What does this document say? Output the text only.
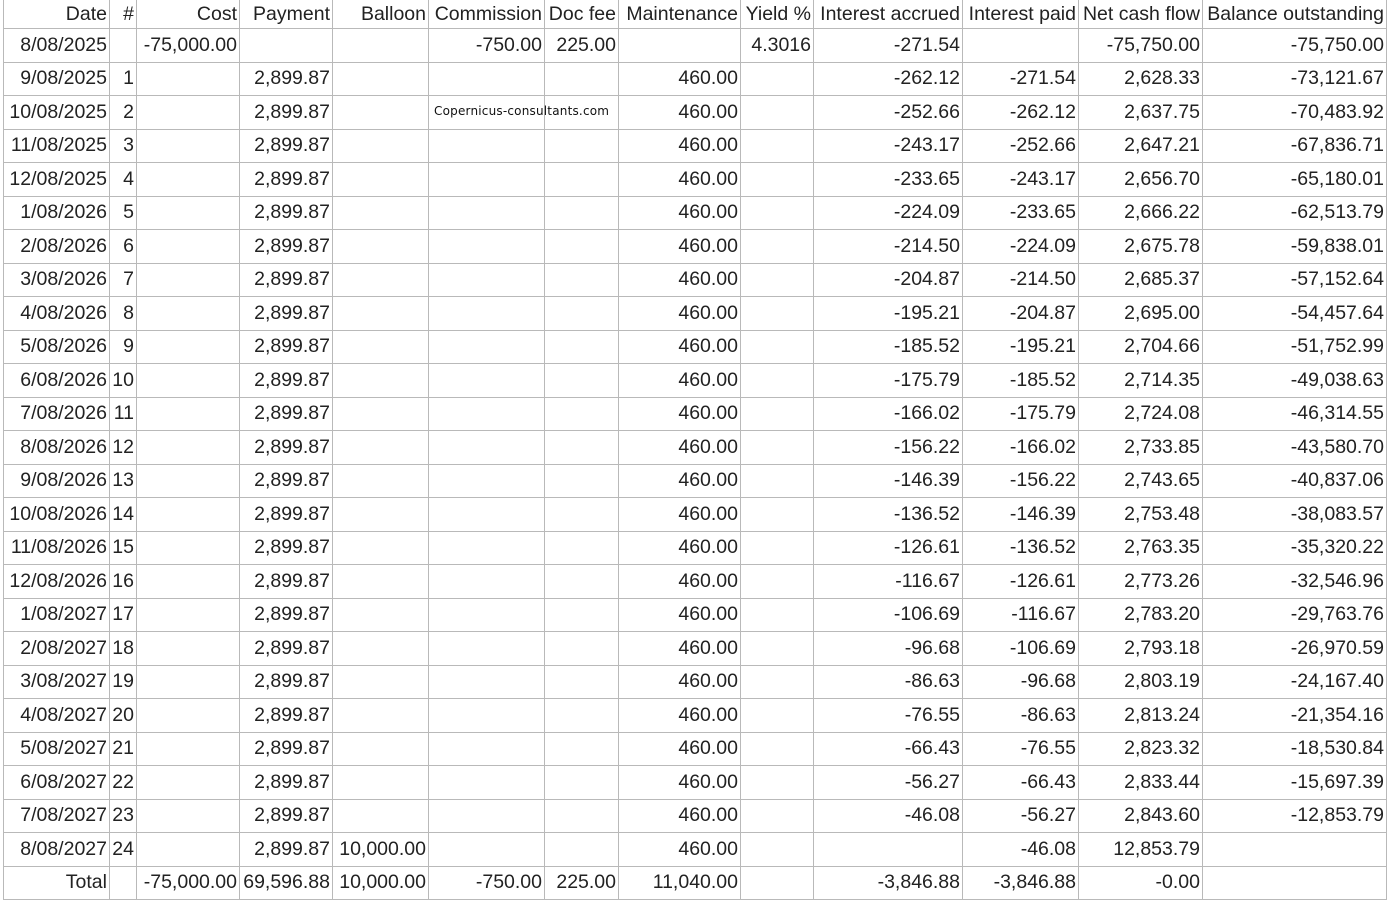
Date	#	Cost	Payment	Balloon	Commission	Doc fee	Maintenance	Yield %	Interest accrued	Interest paid	Net cash flow	Balance outstanding
8/08/2025		-75,000.00			-750.00	225.00		4.3016	-271.54		-75,750.00	-75,750.00
9/08/2025	1		2,899.87				460.00		-262.12	-271.54	2,628.33	-73,121.67
10/08/2025	2		2,899.87				460.00		-252.66	-262.12	2,637.75	-70,483.92
11/08/2025	3		2,899.87				460.00		-243.17	-252.66	2,647.21	-67,836.71
12/08/2025	4		2,899.87				460.00		-233.65	-243.17	2,656.70	-65,180.01
1/08/2026	5		2,899.87				460.00		-224.09	-233.65	2,666.22	-62,513.79
2/08/2026	6		2,899.87				460.00		-214.50	-224.09	2,675.78	-59,838.01
3/08/2026	7		2,899.87				460.00		-204.87	-214.50	2,685.37	-57,152.64
4/08/2026	8		2,899.87				460.00		-195.21	-204.87	2,695.00	-54,457.64
5/08/2026	9		2,899.87				460.00		-185.52	-195.21	2,704.66	-51,752.99
6/08/2026	10		2,899.87				460.00		-175.79	-185.52	2,714.35	-49,038.63
7/08/2026	11		2,899.87				460.00		-166.02	-175.79	2,724.08	-46,314.55
8/08/2026	12		2,899.87				460.00		-156.22	-166.02	2,733.85	-43,580.70
9/08/2026	13		2,899.87				460.00		-146.39	-156.22	2,743.65	-40,837.06
10/08/2026	14		2,899.87				460.00		-136.52	-146.39	2,753.48	-38,083.57
11/08/2026	15		2,899.87				460.00		-126.61	-136.52	2,763.35	-35,320.22
12/08/2026	16		2,899.87				460.00		-116.67	-126.61	2,773.26	-32,546.96
1/08/2027	17		2,899.87				460.00		-106.69	-116.67	2,783.20	-29,763.76
2/08/2027	18		2,899.87				460.00		-96.68	-106.69	2,793.18	-26,970.59
3/08/2027	19		2,899.87				460.00		-86.63	-96.68	2,803.19	-24,167.40
4/08/2027	20		2,899.87				460.00		-76.55	-86.63	2,813.24	-21,354.16
5/08/2027	21		2,899.87				460.00		-66.43	-76.55	2,823.32	-18,530.84
6/08/2027	22		2,899.87				460.00		-56.27	-66.43	2,833.44	-15,697.39
7/08/2027	23		2,899.87				460.00		-46.08	-56.27	2,843.60	-12,853.79
8/08/2027	24		2,899.87	10,000.00			460.00			-46.08	12,853.79	
Total		-75,000.00	69,596.88	10,000.00	-750.00	225.00	11,040.00		-3,846.88	-3,846.88	-0.00	
Copernicus-consultants.com
